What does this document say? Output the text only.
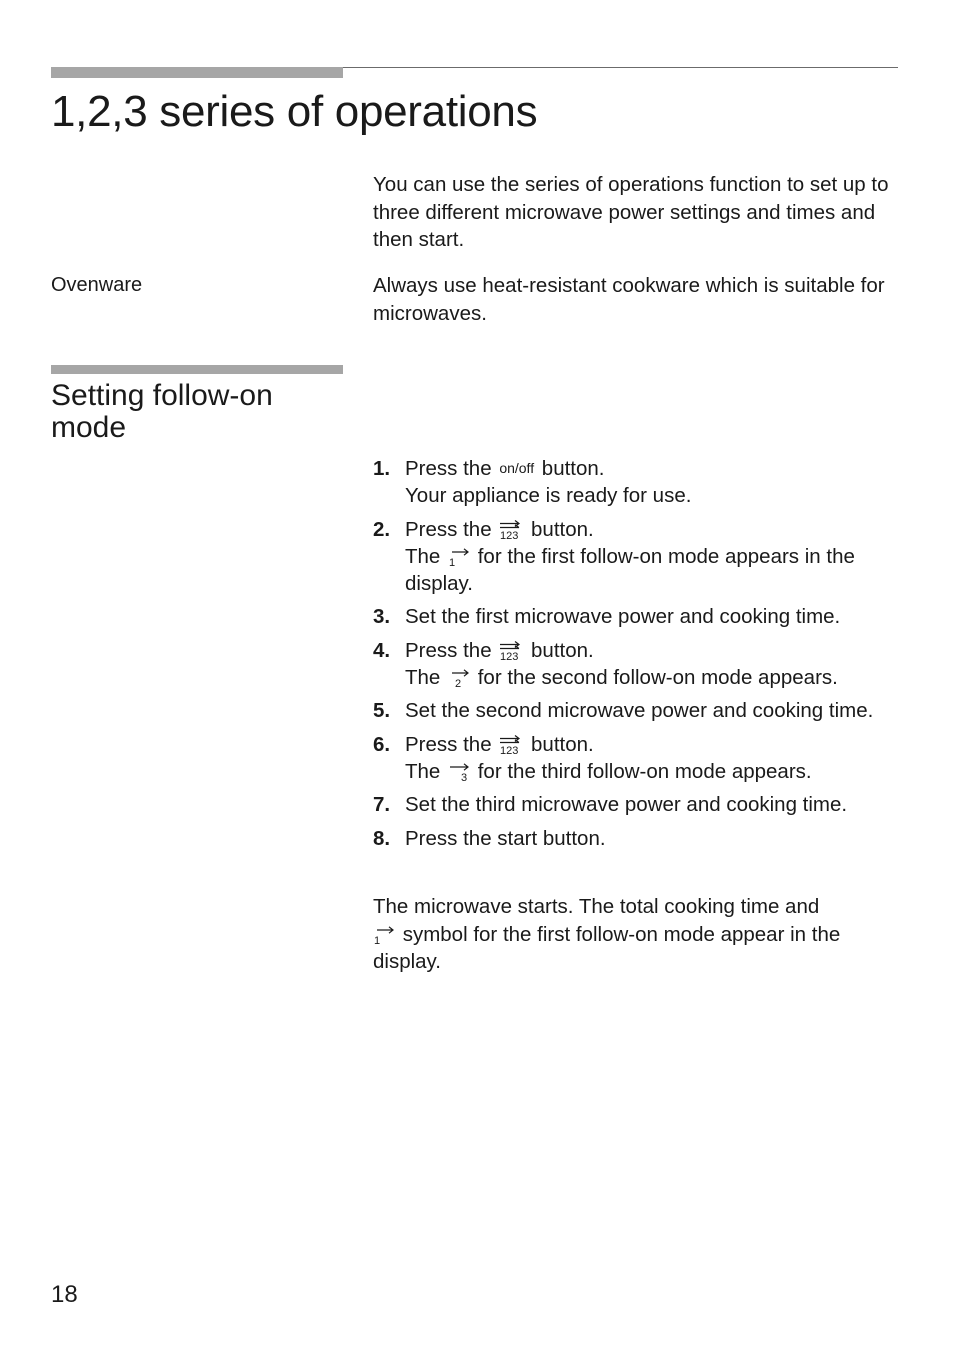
1,2,3 series of operations

You can use the series of operations function to set up to three different microwave power settings and times and then start.

Ovenware	Always use heat-resistant cookware which is suitable for microwaves.

Setting follow-on mode
1. Press the on/off button.
Your appliance is ready for use.
2. Press the 123 button.
The 1 for the first follow-on mode appears in the display.
3. Set the first microwave power and cooking time.
4. Press the 123 button.
The 2 for the second follow-on mode appears.
5. Set the second microwave power and cooking time.
6. Press the 123 button.
The 3 for the third follow-on mode appears.
7. Set the third microwave power and cooking time.
8. Press the start button.

The microwave starts. The total cooking time and

1 symbol for the first follow-on mode appear in the display.

18
